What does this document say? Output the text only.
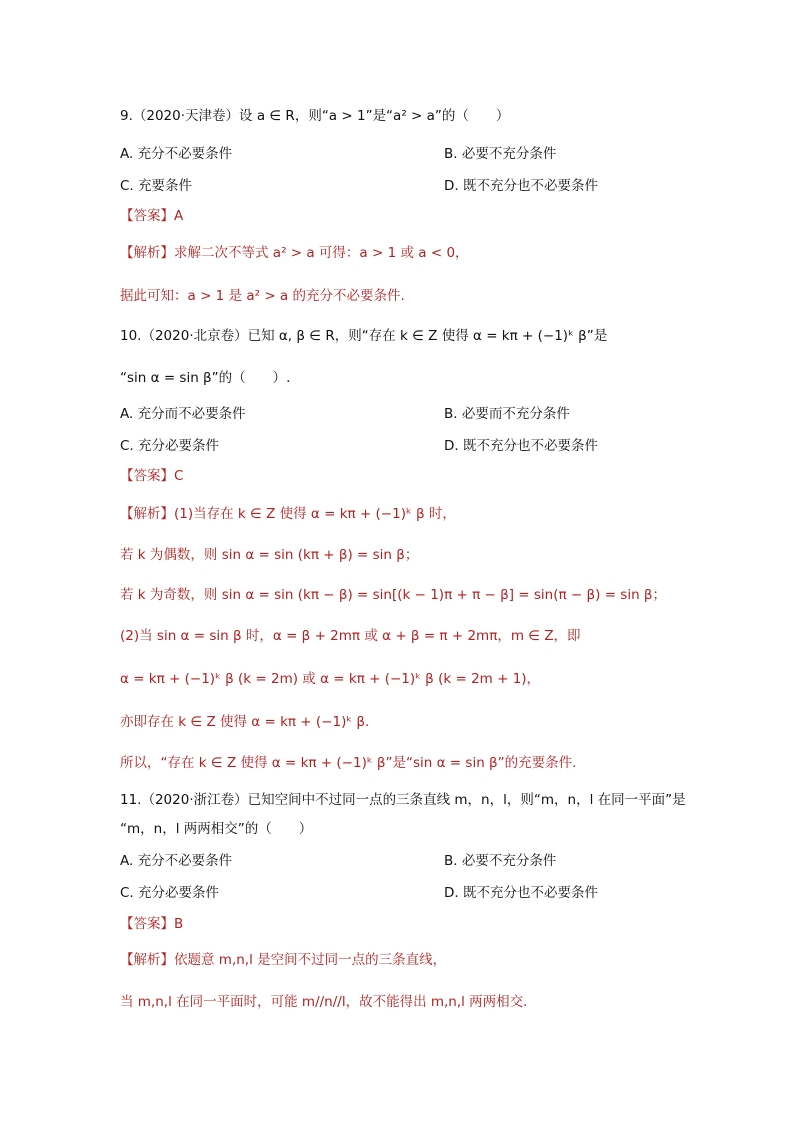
9.（2020·天津卷）设 a ∈ R，则“a > 1”是“a² > a”的（　　）
A. 充分不必要条件	B. 必要不充分条件
C. 充要条件	D. 既不充分也不必要条件
【答案】A
【解析】求解二次不等式 a² > a 可得：a > 1 或 a < 0，
据此可知：a > 1 是 a² > a 的充分不必要条件.
10.（2020·北京卷）已知 α, β ∈ R，则“存在 k ∈ Z 使得 α = kπ + (−1)ᵏ β”是
“sin α = sin β”的（　　）.
A. 充分而不必要条件	B. 必要而不充分条件
C. 充分必要条件	D. 既不充分也不必要条件
【答案】C
【解析】(1)当存在 k ∈ Z 使得 α = kπ + (−1)ᵏ β 时，
若 k 为偶数，则 sin α = sin (kπ + β) = sin β；
若 k 为奇数，则 sin α = sin (kπ − β) = sin[(k − 1)π + π − β] = sin(π − β) = sin β；
(2)当 sin α = sin β 时，α = β + 2mπ 或 α + β = π + 2mπ，m ∈ Z，即
α = kπ + (−1)ᵏ β (k = 2m) 或 α = kπ + (−1)ᵏ β (k = 2m + 1)，
亦即存在 k ∈ Z 使得 α = kπ + (−1)ᵏ β.
所以，“存在 k ∈ Z 使得 α = kπ + (−1)ᵏ β”是“sin α = sin β”的充要条件.
11.（2020·浙江卷）已知空间中不过同一点的三条直线 m，n，l，则“m，n，l 在同一平面”是
“m，n，l 两两相交”的（　　）
A. 充分不必要条件	B. 必要不充分条件
C. 充分必要条件	D. 既不充分也不必要条件
【答案】B
【解析】依题意 m,n,l 是空间不过同一点的三条直线，
当 m,n,l 在同一平面时，可能 m//n//l，故不能得出 m,n,l 两两相交.
